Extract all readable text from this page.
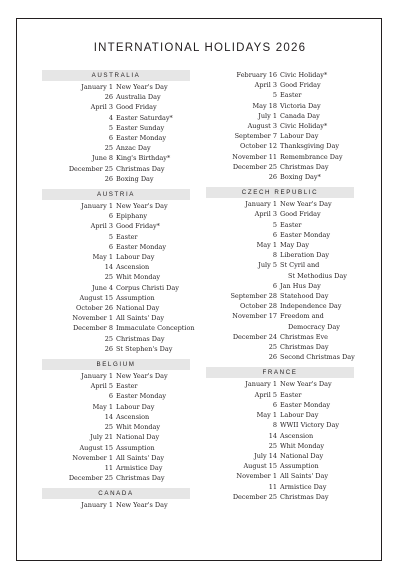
INTERNATIONAL HOLIDAYS 2026
AUSTRALIA
January 1 New Year's Day
26 Australia Day
April 3 Good Friday
4 Easter Saturday*
5 Easter Sunday
6 Easter Monday
25 Anzac Day
June 8 King's Birthday*
December 25 Christmas Day
26 Boxing Day
AUSTRIA
January 1 New Year's Day
6 Epiphany
April 3 Good Friday*
5 Easter
6 Easter Monday
May 1 Labour Day
14 Ascension
25 Whit Monday
June 4 Corpus Christi Day
August 15 Assumption
October 26 National Day
November 1 All Saints' Day
December 8 Immaculate Conception
25 Christmas Day
26 St Stephen's Day
BELGIUM
January 1 New Year's Day
April 5 Easter
6 Easter Monday
May 1 Labour Day
14 Ascension
25 Whit Monday
July 21 National Day
August 15 Assumption
November 1 All Saints' Day
11 Armistice Day
December 25 Christmas Day
CANADA
January 1 New Year's Day
February 16 Civic Holiday*
April 3 Good Friday
5 Easter
May 18 Victoria Day
July 1 Canada Day
August 3 Civic Holiday*
September 7 Labour Day
October 12 Thanksgiving Day
November 11 Remembrance Day
December 25 Christmas Day
26 Boxing Day*
CZECH REPUBLIC
January 1 New Year's Day
April 3 Good Friday
5 Easter
6 Easter Monday
May 1 May Day
8 Liberation Day
July 5 St Cyril and
St Methodius Day
6 Jan Hus Day
September 28 Statehood Day
October 28 Independence Day
November 17 Freedom and
Democracy Day
December 24 Christmas Eve
25 Christmas Day
26 Second Christmas Day
FRANCE
January 1 New Year's Day
April 5 Easter
6 Easter Monday
May 1 Labour Day
8 WWII Victory Day
14 Ascension
25 Whit Monday
July 14 National Day
August 15 Assumption
November 1 All Saints' Day
11 Armistice Day
December 25 Christmas Day
